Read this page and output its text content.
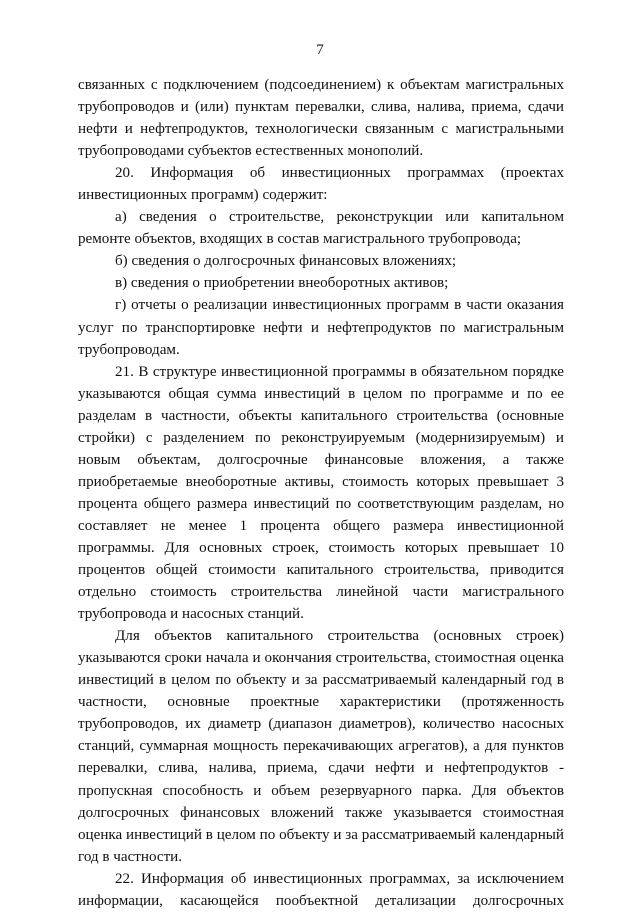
7

связанных с подключением (подсоединением) к объектам магистральных трубопроводов и (или) пунктам перевалки, слива, налива, приема, сдачи нефти и нефтепродуктов, технологически связанным с магистральными трубопроводами субъектов естественных монополий.

20. Информация об инвестиционных программах (проектах инвестиционных программ) содержит:

а) сведения о строительстве, реконструкции или капитальном ремонте объектов, входящих в состав магистрального трубопровода;

б) сведения о долгосрочных финансовых вложениях;

в) сведения о приобретении внеоборотных активов;

г) отчеты о реализации инвестиционных программ в части оказания услуг по транспортировке нефти и нефтепродуктов по магистральным трубопроводам.

21. В структуре инвестиционной программы в обязательном порядке указываются общая сумма инвестиций в целом по программе и по ее разделам в частности, объекты капитального строительства (основные стройки) с разделением по реконструируемым (модернизируемым) и новым объектам, долгосрочные финансовые вложения, а также приобретаемые внеоборотные активы, стоимость которых превышает 3 процента общего размера инвестиций по соответствующим разделам, но составляет не менее 1 процента общего размера инвестиционной программы. Для основных строек, стоимость которых превышает 10 процентов общей стоимости капитального строительства, приводится отдельно стоимость строительства линейной части магистрального трубопровода и насосных станций.

Для объектов капитального строительства (основных строек) указываются сроки начала и окончания строительства, стоимостная оценка инвестиций в целом по объекту и за рассматриваемый календарный год в частности, основные проектные характеристики (протяженность трубопроводов, их диаметр (диапазон диаметров), количество насосных станций, суммарная мощность перекачивающих агрегатов), а для пунктов перевалки, слива, налива, приема, сдачи нефти и нефтепродуктов - пропускная способность и объем резервуарного парка. Для объектов долгосрочных финансовых вложений также указывается стоимостная оценка инвестиций в целом по объекту и за рассматриваемый календарный год в частности.

22. Информация об инвестиционных программах, за исключением информации, касающейся пообъектной детализации долгосрочных
